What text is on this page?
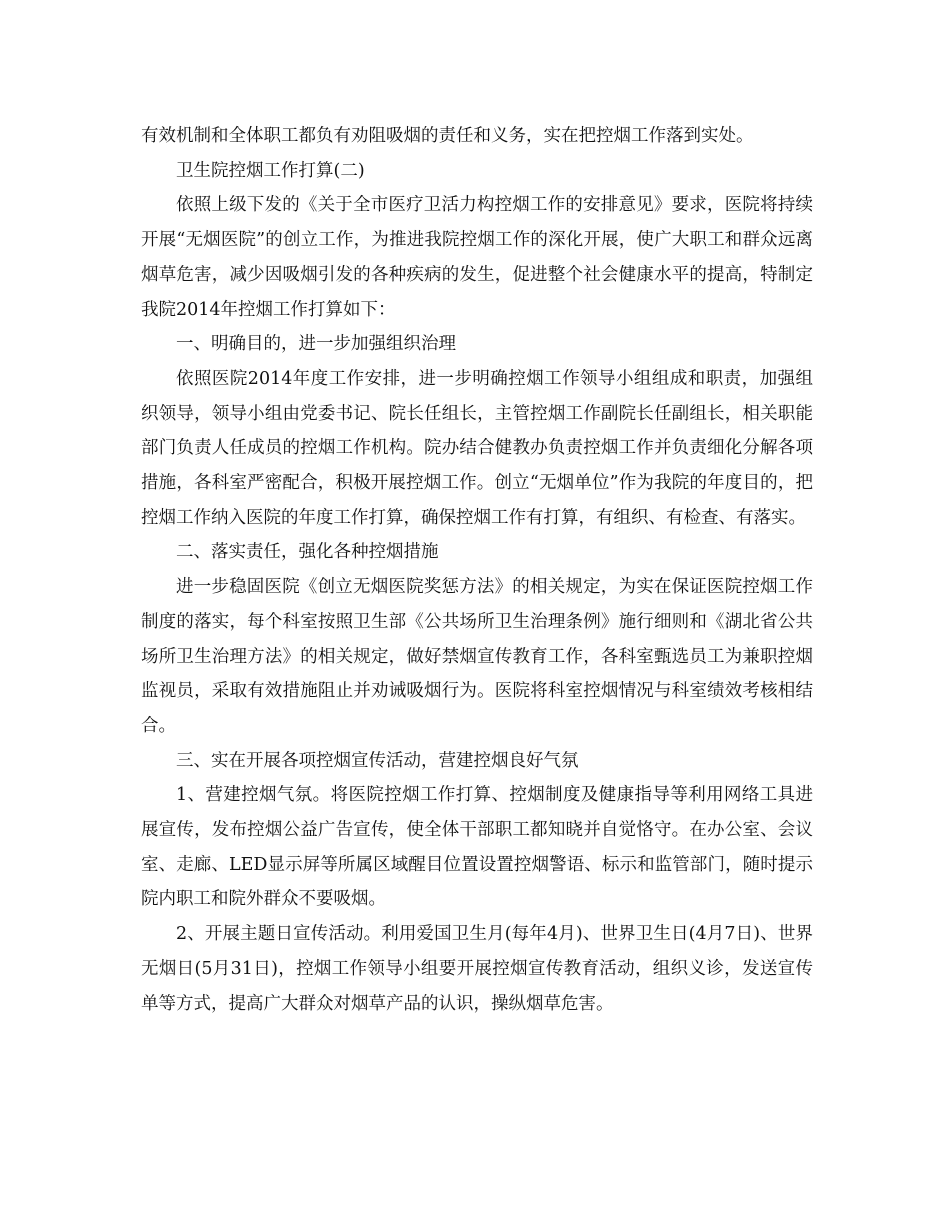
有效机制和全体职工都负有劝阻吸烟的责任和义务，实在把控烟工作落到实处。

卫生院控烟工作打算(二)

依照上级下发的《关于全市医疗卫活力构控烟工作的安排意见》要求，医院将持续开展“无烟医院”的创立工作，为推进我院控烟工作的深化开展，使广大职工和群众远离烟草危害，减少因吸烟引发的各种疾病的发生，促进整个社会健康水平的提高，特制定我院2014年控烟工作打算如下：

一、明确目的，进一步加强组织治理

依照医院2014年度工作安排，进一步明确控烟工作领导小组组成和职责，加强组织领导，领导小组由党委书记、院长任组长，主管控烟工作副院长任副组长，相关职能部门负责人任成员的控烟工作机构。院办结合健教办负责控烟工作并负责细化分解各项措施，各科室严密配合，积极开展控烟工作。创立“无烟单位”作为我院的年度目的，把控烟工作纳入医院的年度工作打算，确保控烟工作有打算，有组织、有检查、有落实。

二、落实责任，强化各种控烟措施

进一步稳固医院《创立无烟医院奖惩方法》的相关规定，为实在保证医院控烟工作制度的落实，每个科室按照卫生部《公共场所卫生治理条例》施行细则和《湖北省公共场所卫生治理方法》的相关规定，做好禁烟宣传教育工作，各科室甄选员工为兼职控烟监视员，采取有效措施阻止并劝诫吸烟行为。医院将科室控烟情况与科室绩效考核相结合。

三、实在开展各项控烟宣传活动，营建控烟良好气氛

1、营建控烟气氛。将医院控烟工作打算、控烟制度及健康指导等利用网络工具进展宣传，发布控烟公益广告宣传，使全体干部职工都知晓并自觉恪守。在办公室、会议室、走廊、LED显示屏等所属区域醒目位置设置控烟警语、标示和监管部门，随时提示院内职工和院外群众不要吸烟。

2、开展主题日宣传活动。利用爱国卫生月(每年4月)、世界卫生日(4月7日)、世界无烟日(5月31日)，控烟工作领导小组要开展控烟宣传教育活动，组织义诊，发送宣传单等方式，提高广大群众对烟草产品的认识，操纵烟草危害。
